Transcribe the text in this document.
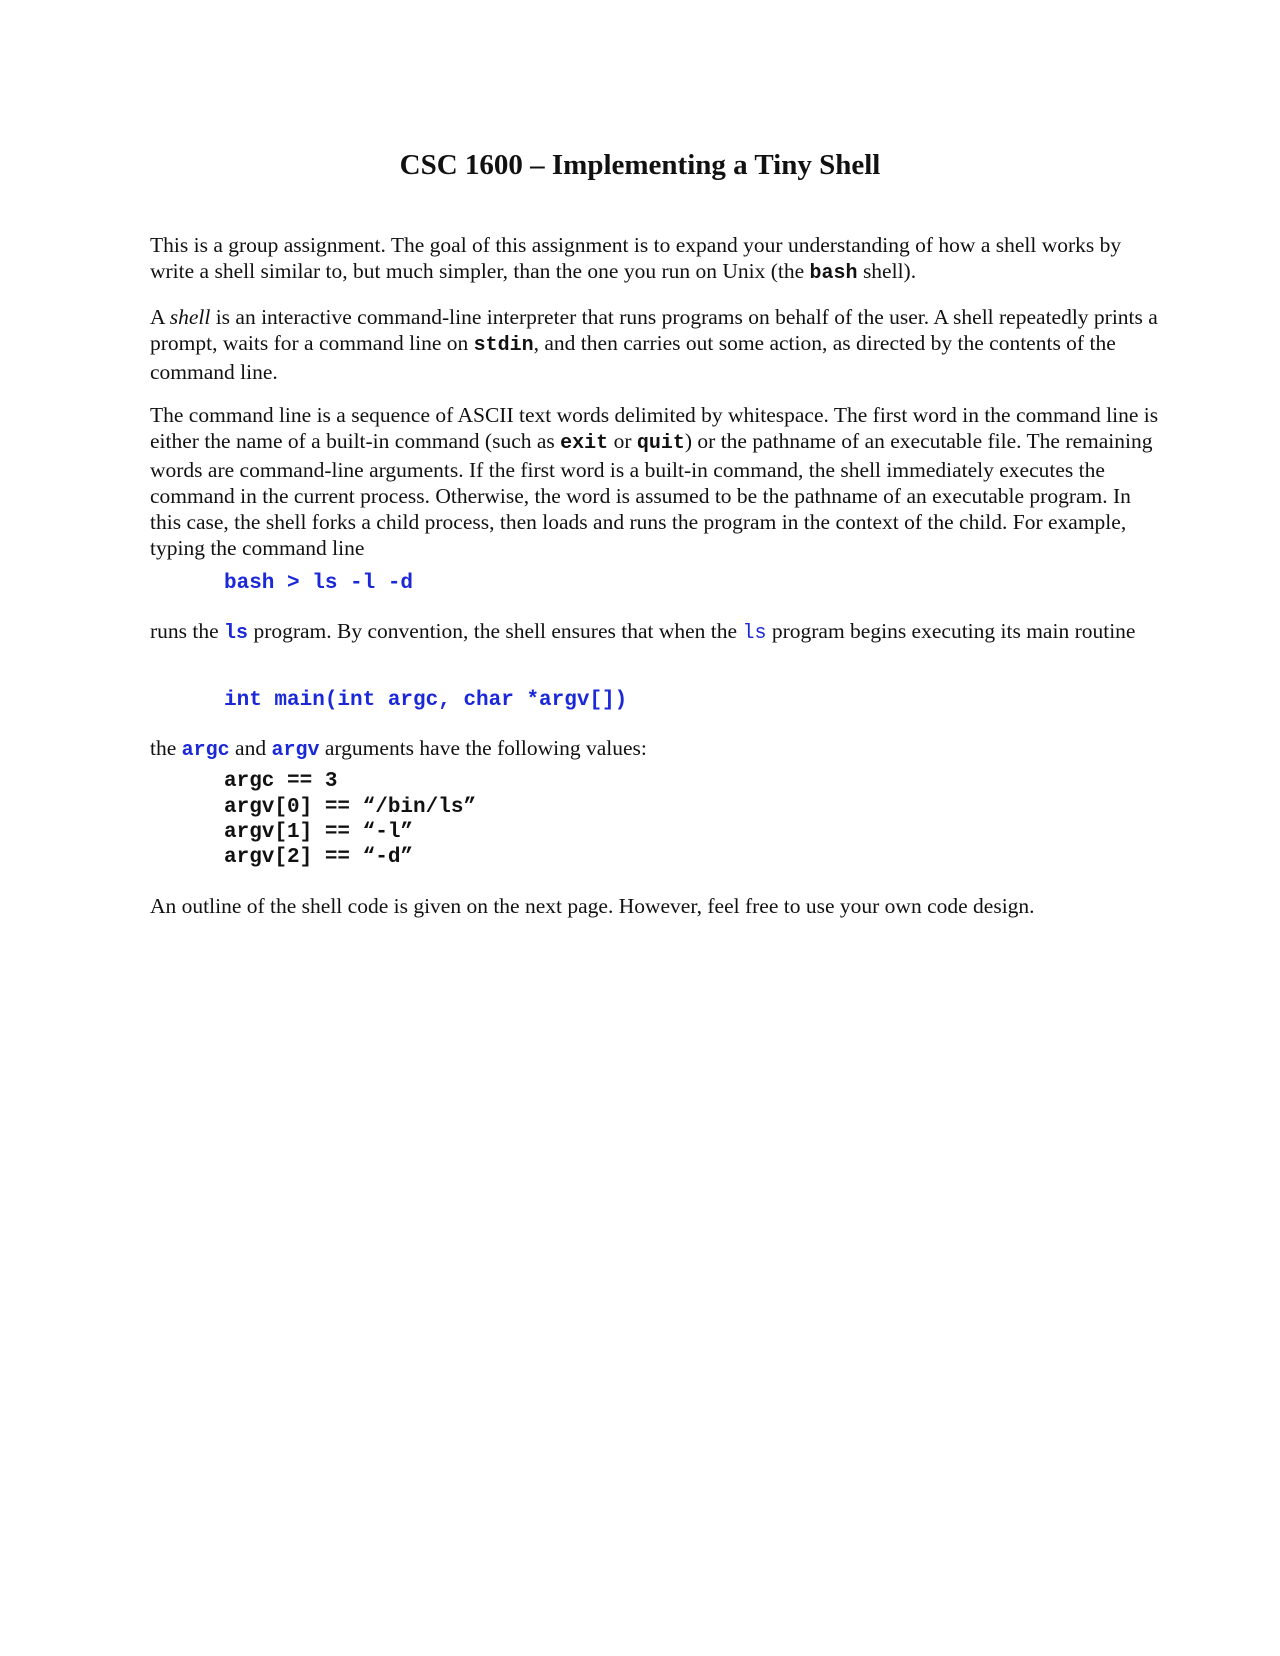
CSC 1600 – Implementing a Tiny Shell

This is a group assignment. The goal of this assignment is to expand your understanding of how a shell works by write a shell similar to, but much simpler, than the one you run on Unix (the bash shell).

A shell is an interactive command-line interpreter that runs programs on behalf of the user. A shell repeatedly prints a prompt, waits for a command line on stdin, and then carries out some action, as directed by the contents of the command line.

The command line is a sequence of ASCII text words delimited by whitespace. The first word in the command line is either the name of a built-in command (such as exit or quit) or the pathname of an executable file. The remaining words are command-line arguments. If the first word is a built-in command, the shell immediately executes the command in the current process. Otherwise, the word is assumed to be the pathname of an executable program. In this case, the shell forks a child process, then loads and runs the program in the context of the child. For example, typing the command line

bash > ls -l -d

runs the ls program. By convention, the shell ensures that when the ls program begins executing its main routine

int main(int argc, char *argv[])

the argc and argv arguments have the following values:

argc == 3
argv[0] == “/bin/ls”
argv[1] == “-l”
argv[2] == “-d”

An outline of the shell code is given on the next page. However, feel free to use your own code design.
